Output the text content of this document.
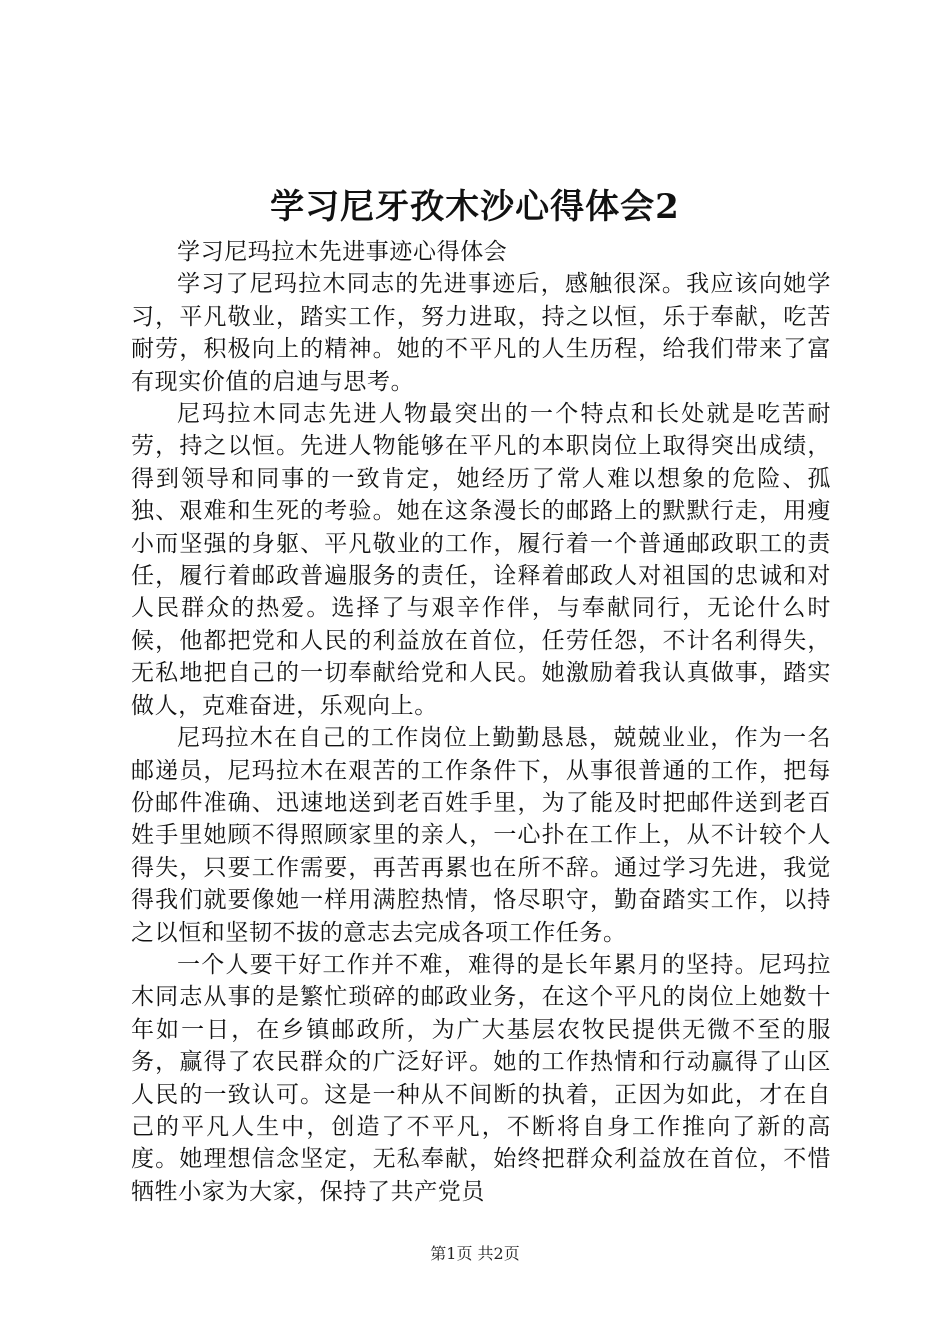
学习尼牙孜木沙心得体会2

学习尼玛拉木先进事迹心得体会

学习了尼玛拉木同志的先进事迹后，感触很深。我应该向她学习，平凡敬业，踏实工作，努力进取，持之以恒，乐于奉献，吃苦耐劳，积极向上的精神。她的不平凡的人生历程，给我们带来了富有现实价值的启迪与思考。

尼玛拉木同志先进人物最突出的一个特点和长处就是吃苦耐劳，持之以恒。先进人物能够在平凡的本职岗位上取得突出成绩，得到领导和同事的一致肯定，她经历了常人难以想象的危险、孤独、艰难和生死的考验。她在这条漫长的邮路上的默默行走，用瘦小而坚强的身躯、平凡敬业的工作，履行着一个普通邮政职工的责任，履行着邮政普遍服务的责任，诠释着邮政人对祖国的忠诚和对人民群众的热爱。选择了与艰辛作伴，与奉献同行，无论什么时候，他都把党和人民的利益放在首位，任劳任怨，不计名利得失，无私地把自己的一切奉献给党和人民。她激励着我认真做事，踏实做人，克难奋进，乐观向上。

尼玛拉木在自己的工作岗位上勤勤恳恳，兢兢业业，作为一名邮递员，尼玛拉木在艰苦的工作条件下，从事很普通的工作，把每份邮件准确、迅速地送到老百姓手里，为了能及时把邮件送到老百姓手里她顾不得照顾家里的亲人，一心扑在工作上，从不计较个人得失，只要工作需要，再苦再累也在所不辞。通过学习先进，我觉得我们就要像她一样用满腔热情，恪尽职守，勤奋踏实工作，以持之以恒和坚韧不拔的意志去完成各项工作任务。

一个人要干好工作并不难，难得的是长年累月的坚持。尼玛拉木同志从事的是繁忙琐碎的邮政业务，在这个平凡的岗位上她数十年如一日，在乡镇邮政所，为广大基层农牧民提供无微不至的服务，赢得了农民群众的广泛好评。她的工作热情和行动赢得了山区人民的一致认可。这是一种从不间断的执着，正因为如此，才在自己的平凡人生中，创造了不平凡，不断将自身工作推向了新的高度。她理想信念坚定，无私奉献，始终把群众利益放在首位，不惜牺牲小家为大家，保持了共产党员

第1页 共2页
